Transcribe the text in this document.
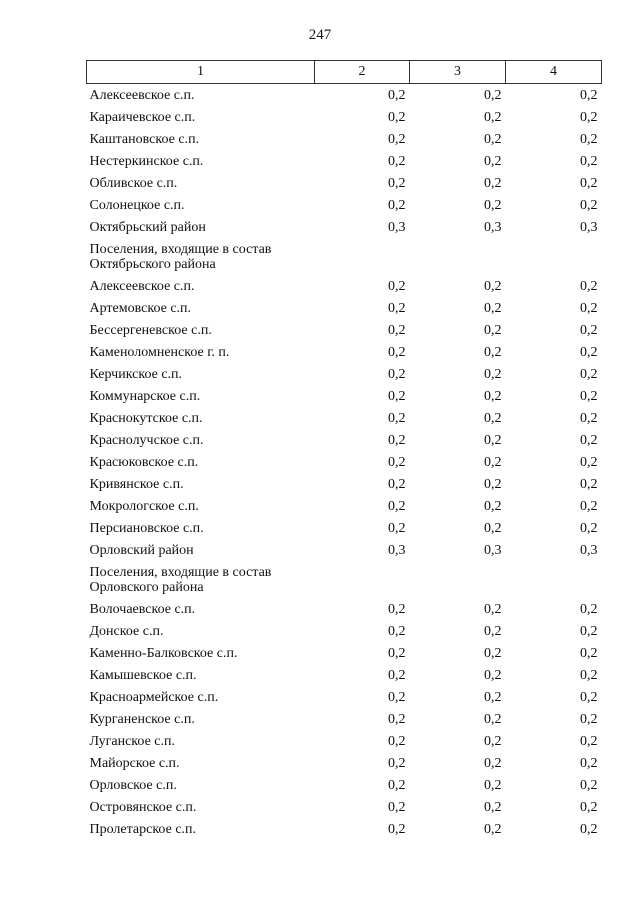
247
1	2	3	4
Алексеевское с.п.	0,2	0,2	0,2
Караичевское с.п.	0,2	0,2	0,2
Каштановское с.п.	0,2	0,2	0,2
Нестеркинское с.п.	0,2	0,2	0,2
Обливское с.п.	0,2	0,2	0,2
Солонецкое с.п.	0,2	0,2	0,2
Октябрьский район	0,3	0,3	0,3
Поселения, входящие в состав Октябрьского района			
Алексеевское с.п.	0,2	0,2	0,2
Артемовское с.п.	0,2	0,2	0,2
Бессергеневское с.п.	0,2	0,2	0,2
Каменоломненское г. п.	0,2	0,2	0,2
Керчикское с.п.	0,2	0,2	0,2
Коммунарское с.п.	0,2	0,2	0,2
Краснокутское с.п.	0,2	0,2	0,2
Краснолучское с.п.	0,2	0,2	0,2
Красюковское с.п.	0,2	0,2	0,2
Кривянское с.п.	0,2	0,2	0,2
Мокрологское с.п.	0,2	0,2	0,2
Персиановское с.п.	0,2	0,2	0,2
Орловский район	0,3	0,3	0,3
Поселения, входящие в состав Орловского района			
Волочаевское с.п.	0,2	0,2	0,2
Донское с.п.	0,2	0,2	0,2
Каменно-Балковское с.п.	0,2	0,2	0,2
Камышевское с.п.	0,2	0,2	0,2
Красноармейское с.п.	0,2	0,2	0,2
Курганенское с.п.	0,2	0,2	0,2
Луганское с.п.	0,2	0,2	0,2
Майорское с.п.	0,2	0,2	0,2
Орловское с.п.	0,2	0,2	0,2
Островянское с.п.	0,2	0,2	0,2
Пролетарское с.п.	0,2	0,2	0,2
